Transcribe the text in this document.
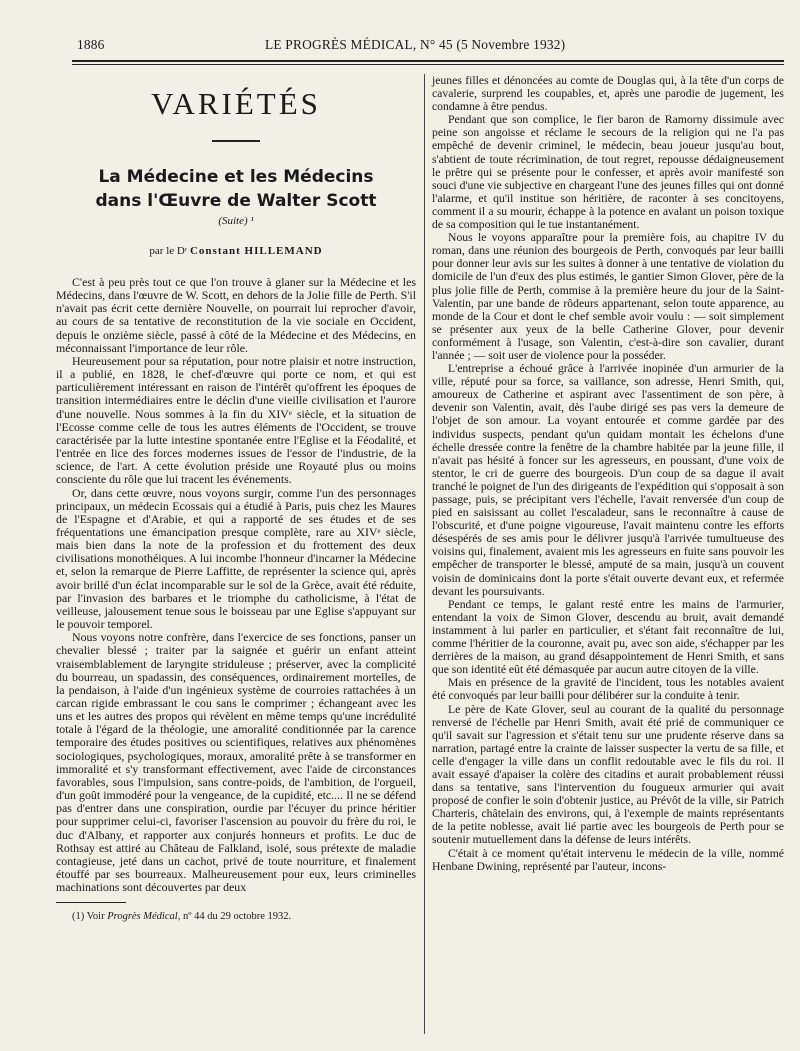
1886	LE PROGRÈS MÉDICAL, N° 45 (5 Novembre 1932)
VARIÉTÉS
La Médecine et les Médecins
dans l'Œuvre de Walter Scott
(Suite) ¹
par le Dʳ Constant HILLEMAND

C'est à peu près tout ce que l'on trouve à glaner sur la Médecine et les Médecins, dans l'œuvre de W. Scott, en dehors de la Jolie fille de Perth. S'il n'avait pas écrit cette dernière Nouvelle, on pourrait lui reprocher d'avoir, au cours de sa tentative de reconstitution de la vie sociale en Occident, depuis le onzième siècle, passé à côté de la Médecine et des Médecins, en méconnaissant l'importance de leur rôle.

Heureusement pour sa réputation, pour notre plaisir et notre instruction, il a publié, en 1828, le chef-d'œuvre qui porte ce nom, et qui est particulièrement intéressant en raison de l'intérêt qu'offrent les époques de transition intermédiaires entre le déclin d'une vieille civilisation et l'aurore d'une nouvelle. Nous sommes à la fin du XIVᵉ siècle, et la situation de l'Ecosse comme celle de tous les autres éléments de l'Occident, se trouve caractérisée par la lutte intestine spontanée entre l'Eglise et la Féodalité, et l'entrée en lice des forces modernes issues de l'essor de l'industrie, de la science, de l'art. A cette évolution préside une Royauté plus ou moins consciente du rôle que lui tracent les événements.

Or, dans cette œuvre, nous voyons surgir, comme l'un des personnages principaux, un médecin Ecossais qui a étudié à Paris, puis chez les Maures de l'Espagne et d'Arabie, et qui a rapporté de ses études et de ses fréquentations une émancipation presque complète, rare au XIVᵉ siècle, mais bien dans la note de la profession et du frottement des deux civilisations monothéiques. A lui incombe l'honneur d'incarner la Médecine et, selon la remarque de Pierre Laffitte, de représenter la science qui, après avoir brillé d'un éclat incomparable sur le sol de la Grèce, avait été réduite, par l'invasion des barbares et le triomphe du catholicisme, à l'état de veilleuse, jalousement tenue sous le boisseau par une Eglise s'appuyant sur le pouvoir temporel.

Nous voyons notre confrère, dans l'exercice de ses fonctions, panser un chevalier blessé ; traiter par la saignée et guérir un enfant atteint vraisemblablement de laryngite striduleuse ; préserver, avec la complicité du bourreau, un spadassin, des conséquences, ordinairement mortelles, de la pendaison, à l'aide d'un ingénieux système de courroies rattachées à un carcan rigide embrassant le cou sans le comprimer ; échangeant avec les uns et les autres des propos qui révèlent en même temps qu'une incrédulité totale à l'égard de la théologie, une amoralité conditionnée par la carence temporaire des études positives ou scientifiques, relatives aux phénomènes sociologiques, psychologiques, moraux, amoralité prête à se transformer en immoralité et s'y transformant effectivement, avec l'aide de circonstances favorables, sous l'impulsion, sans contre-poids, de l'ambition, de l'orgueil, d'un goût immodéré pour la vengeance, de la cupidité, etc.... Il ne se défend pas d'entrer dans une conspiration, ourdie par l'écuyer du prince héritier pour supprimer celui-ci, favoriser l'ascension au pouvoir du frère du roi, le duc d'Albany, et rapporter aux conjurés honneurs et profits. Le duc de Rothsay est attiré au Château de Falkland, isolé, sous prétexte de maladie contagieuse, jeté dans un cachot, privé de toute nourriture, et finalement étouffé par ses bourreaux. Malheureusement pour eux, leurs criminelles machinations sont découvertes par deux

(1) Voir Progrès Médical, nº 44 du 29 octobre 1932.

jeunes filles et dénoncées au comte de Douglas qui, à la tête d'un corps de cavalerie, surprend les coupables, et, après une parodie de jugement, les condamne à être pendus.

Pendant que son complice, le fier baron de Ramorny dissimule avec peine son angoisse et réclame le secours de la religion qui ne l'a pas empêché de devenir criminel, le médecin, beau joueur jusqu'au bout, s'abtient de toute récrimination, de tout regret, repousse dédaigneusement le prêtre qui se présente pour le confesser, et après avoir manifesté son souci d'une vie subjective en chargeant l'une des jeunes filles qui ont donné l'alarme, et qu'il institue son héritière, de raconter à ses concitoyens, comment il a su mourir, échappe à la potence en avalant un poison toxique de sa composition qui le tue instantanément.

Nous le voyons apparaître pour la première fois, au chapitre IV du roman, dans une réunion des bourgeois de Perth, convoqués par leur bailli pour donner leur avis sur les suites à donner à une tentative de violation du domicile de l'un d'eux des plus estimés, le gantier Simon Glover, père de la plus jolie fille de Perth, commise à la première heure du jour de la Saint-Valentin, par une bande de rôdeurs appartenant, selon toute apparence, au monde de la Cour et dont le chef semble avoir voulu : — soit simplement se présenter aux yeux de la belle Catherine Glover, pour devenir conformément à l'usage, son Valentin, c'est-à-dire son cavalier, durant l'année ; — soit user de violence pour la posséder.

L'entreprise a échoué grâce à l'arrivée inopinée d'un armurier de la ville, réputé pour sa force, sa vaillance, son adresse, Henri Smith, qui, amoureux de Catherine et aspirant avec l'assentiment de son père, à devenir son Valentin, avait, dès l'aube dirigé ses pas vers la demeure de l'objet de son amour. La voyant entourée et comme gardée par des individus suspects, pendant qu'un quidam montait les échelons d'une échelle dressée contre la fenêtre de la chambre habitée par la jeune fille, il n'avait pas hésité à foncer sur les agresseurs, en poussant, d'une voix de stentor, le cri de guerre des bourgeois. D'un coup de sa dague il avait tranché le poignet de l'un des dirigeants de l'expédition qui s'opposait à son passage, puis, se précipitant vers l'échelle, l'avait renversée d'un coup de pied en saisissant au collet l'escaladeur, sans le reconnaître à cause de l'obscurité, et d'une poigne vigoureuse, l'avait maintenu contre les efforts désespérés de ses amis pour le délivrer jusqu'à l'arrivée tumultueuse des voisins qui, finalement, avaient mis les agresseurs en fuite sans pouvoir les empêcher de transporter le blessé, amputé de sa main, jusqu'à un couvent voisin de dominicains dont la porte s'était ouverte devant eux, et refermée devant les poursuivants.

Pendant ce temps, le galant resté entre les mains de l'armurier, entendant la voix de Simon Glover, descendu au bruit, avait demandé instamment à lui parler en particulier, et s'étant fait reconnaître de lui, comme l'héritier de la couronne, avait pu, avec son aide, s'échapper par les derrières de la maison, au grand désappointement de Henri Smith, et sans que son identité eût été démasquée par aucun autre citoyen de la ville.

Mais en présence de la gravité de l'incident, tous les notables avaient été convoqués par leur bailli pour délibérer sur la conduite à tenir.

Le père de Kate Glover, seul au courant de la qualité du personnage renversé de l'échelle par Henri Smith, avait été prié de communiquer ce qu'il savait sur l'agression et s'était tenu sur une prudente réserve dans sa narration, partagé entre la crainte de laisser suspecter la vertu de sa fille, et celle d'engager la ville dans un conflit redoutable avec le fils du roi. Il avait essayé d'apaiser la colère des citadins et aurait probablement réussi dans sa tentative, sans l'intervention du fougueux armurier qui avait proposé de confier le soin d'obtenir justice, au Prévôt de la ville, sir Patrich Charteris, châtelain des environs, qui, à l'exemple de maints représentants de la petite noblesse, avait lié partie avec les bourgeois de Perth pour se soutenir mutuellement dans la défense de leurs intérêts.

C'était à ce moment qu'était intervenu le médecin de la ville, nommé Henbane Dwining, représenté par l'auteur, incons-
